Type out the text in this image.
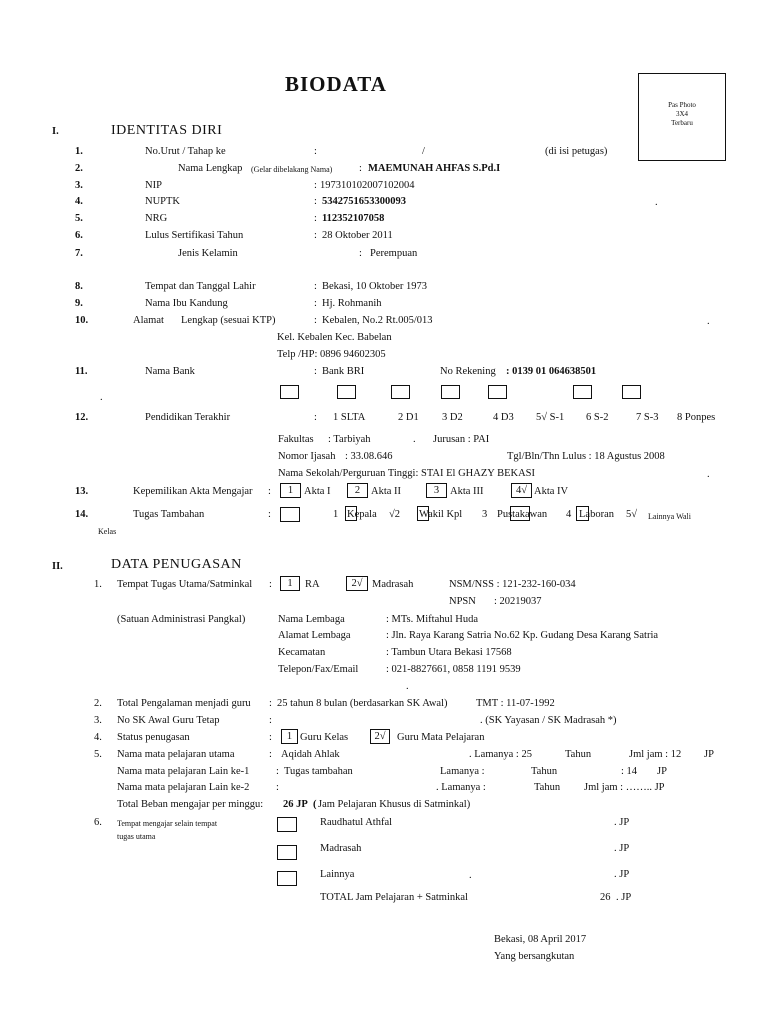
BIODATA
Pas Photo
3X4
Terbaru
I.	IDENTITAS DIRI
1.	No.Urut / Tahap ke	:	/	(di isi petugas)
2.	Nama Lengkap (Gelar dibelakang Nama)	: MAEMUNAH AHFAS S.Pd.I
3.	NIP	: 197310102007102004
4.	NUPTK	: 5342751653300093	.
5.	NRG	: 112352107058
6.	Lulus Sertifikasi Tahun	: 28 Oktober 2011
7.	Jenis Kelamin	: Perempuan
8.	Tempat dan Tanggal Lahir	: Bekasi, 10 Oktober 1973
9.	Nama Ibu Kandung	: Hj. Rohmanih
10.	Alamat Lengkap (sesuai KTP)	: Kebalen, No.2 Rt.005/013	.
Kel. Kebalen Kec. Babelan
Telp /HP: 0896 94602305
11.	Nama Bank	: Bank BRI	No Rekening : 0139 01 064638501
.
12.	Pendidikan Terakhir	: 1 SLTA	2 D1 3 D2	4 D3 5√ S-1 6 S-2	7 S-3 8 Ponpes
Fakultas : Tarbiyah	. Jurusan : PAI
Nomor Ijasah : 33.08.646	Tgl/Bln/Thn Lulus : 18 Agustus 2008
Nama Sekolah/Perguruan Tinggi: STAI El GHAZY BEKASI	.
13.	Kepemilikan Akta Mengajar :	1	Akta I	2	Akta II	3	Akta III	4√ Akta IV
14.	Tugas Tambahan	:	1 Kepala √2 Wakil Kpl 3 Pustakawan 4 Laboran 5√ Lainnya Wali
Kelas
II.	DATA PENUGASAN
1. Tempat Tugas Utama/Satminkal :	1	RA	2√ Madrasah	NSM/NSS : 121-232-160-034
NPSN : 20219037
(Satuan Administrasi Pangkal)	Nama Lembaga	: MTs. Miftahul Huda
Alamat Lembaga	: Jln. Raya Karang Satria No.62 Kp. Gudang Desa Karang Satria
Kecamatan	: Tambun Utara Bekasi 17568
Telepon/Fax/Email	: 021-8827661, 0858 1191 9539
.
2. Total Pengalaman menjadi guru : 25 tahun 8 bulan (berdasarkan SK Awal)	TMT : 11-07-1992
3. No SK Awal Guru Tetap	:	. (SK Yayasan / SK Madrasah *)
4. Status penugasan	:	1 Guru Kelas	2√	Guru Mata Pelajaran
5. Nama mata pelajaran utama	: Aqidah Ahlak	. Lamanya : 25	Tahun	Jml jam : 12 JP
Nama mata pelajaran Lain ke-1	: Tugas tambahan	Lamanya :	Tahun	: 14 JP
Nama mata pelajaran Lain ke-2	:	. Lamanya :	Tahun Jml jam : …….. JP
Total Beban mengajar per minggu: 26 JP ( Jam Pelajaran Khusus di Satminkal)
6. Tempat mengajar selain tempat
tugas utama
Raudhatul Athfal	. JP
Madrasah	. JP
Lainnya	.	. JP
TOTAL Jam Pelajaran + Satminkal	26 . JP
Bekasi, 08 April 2017
Yang bersangkutan
